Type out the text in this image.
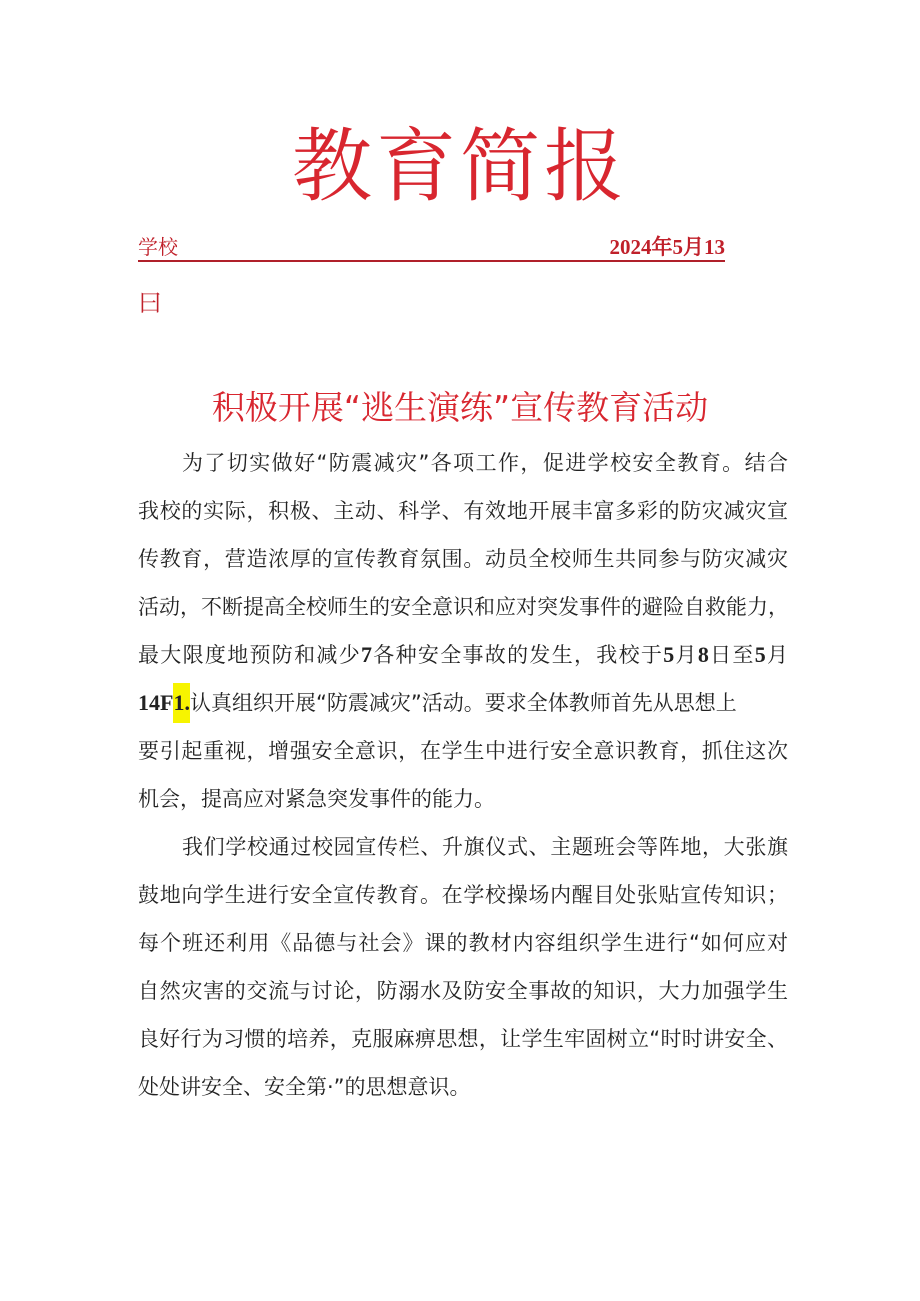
教育简报
学校	2024年5月13
曰
积极开展“逃生演练”宣传教育活动
为了切实做好“防震减灾”各项工作，促进学校安全教育。结合
我校的实际，积极、主动、科学、有效地开展丰富多彩的防灾减灾宣
传教育，营造浓厚的宣传教育氛围。动员全校师生共同参与防灾减灾
活动，不断提高全校师生的安全意识和应对突发事件的避险自救能力，
最大限度地预防和减少7各种安全事故的发生，我校于5月8日至5月
14F1.认真组织开展“防震减灾”活动。要求全体教师首先从思想上
要引起重视，增强安全意识，在学生中进行安全意识教育，抓住这次
机会，提高应对紧急突发事件的能力。
我们学校通过校园宣传栏、升旗仪式、主题班会等阵地，大张旗
鼓地向学生进行安全宣传教育。在学校操场内醒目处张贴宣传知识；
每个班还利用《品德与社会》课的教材内容组织学生进行“如何应对
自然灾害的交流与讨论，防溺水及防安全事故的知识，大力加强学生
良好行为习惯的培养，克服麻痹思想，让学生牢固树立“时时讲安全、
处处讲安全、安全第·”的思想意识。
